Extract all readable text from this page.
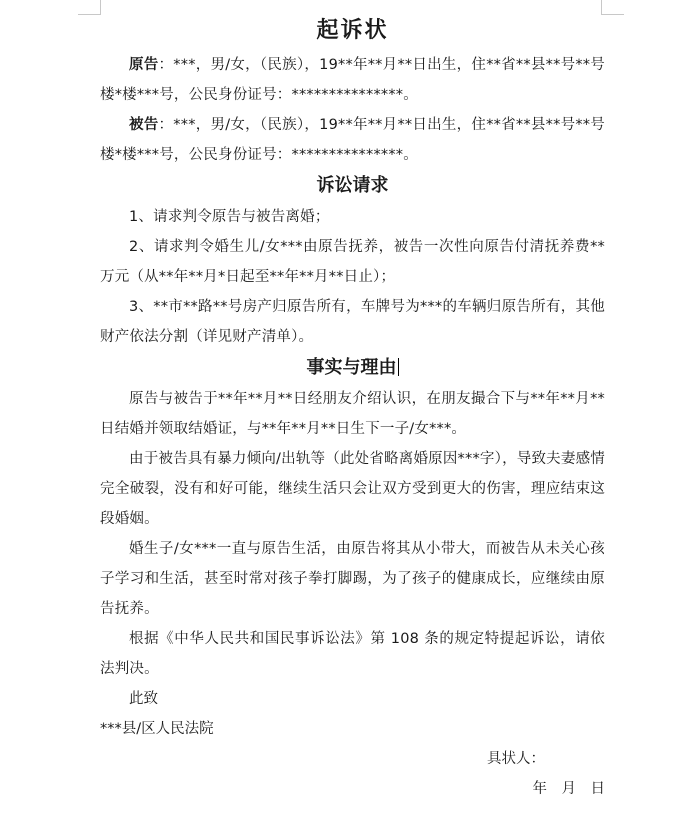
起诉状

原告：***，男/女，（民族），19**年**月**日出生，住**省**县**号**号楼*楼***号，公民身份证号：***************。

被告：***，男/女，（民族），19**年**月**日出生，住**省**县**号**号楼*楼***号，公民身份证号：***************。

诉讼请求

1、请求判令原告与被告离婚；

2、请求判令婚生儿/女***由原告抚养，被告一次性向原告付清抚养费**万元（从**年**月*日起至**年**月**日止）；

3、**市**路**号房产归原告所有，车牌号为***的车辆归原告所有，其他财产依法分割（详见财产清单）。

事实与理由

原告与被告于**年**月**日经朋友介绍认识，在朋友撮合下与**年**月**日结婚并领取结婚证，与**年**月**日生下一子/女***。

由于被告具有暴力倾向/出轨等（此处省略离婚原因***字），导致夫妻感情完全破裂，没有和好可能，继续生活只会让双方受到更大的伤害，理应结束这段婚姻。

婚生子/女***一直与原告生活，由原告将其从小带大，而被告从未关心孩子学习和生活，甚至时常对孩子拳打脚踢，为了孩子的健康成长，应继续由原告抚养。

根据《中华人民共和国民事诉讼法》第 108 条的规定特提起诉讼，请依法判决。

此致

***县/区人民法院

具状人：

年　月　日
